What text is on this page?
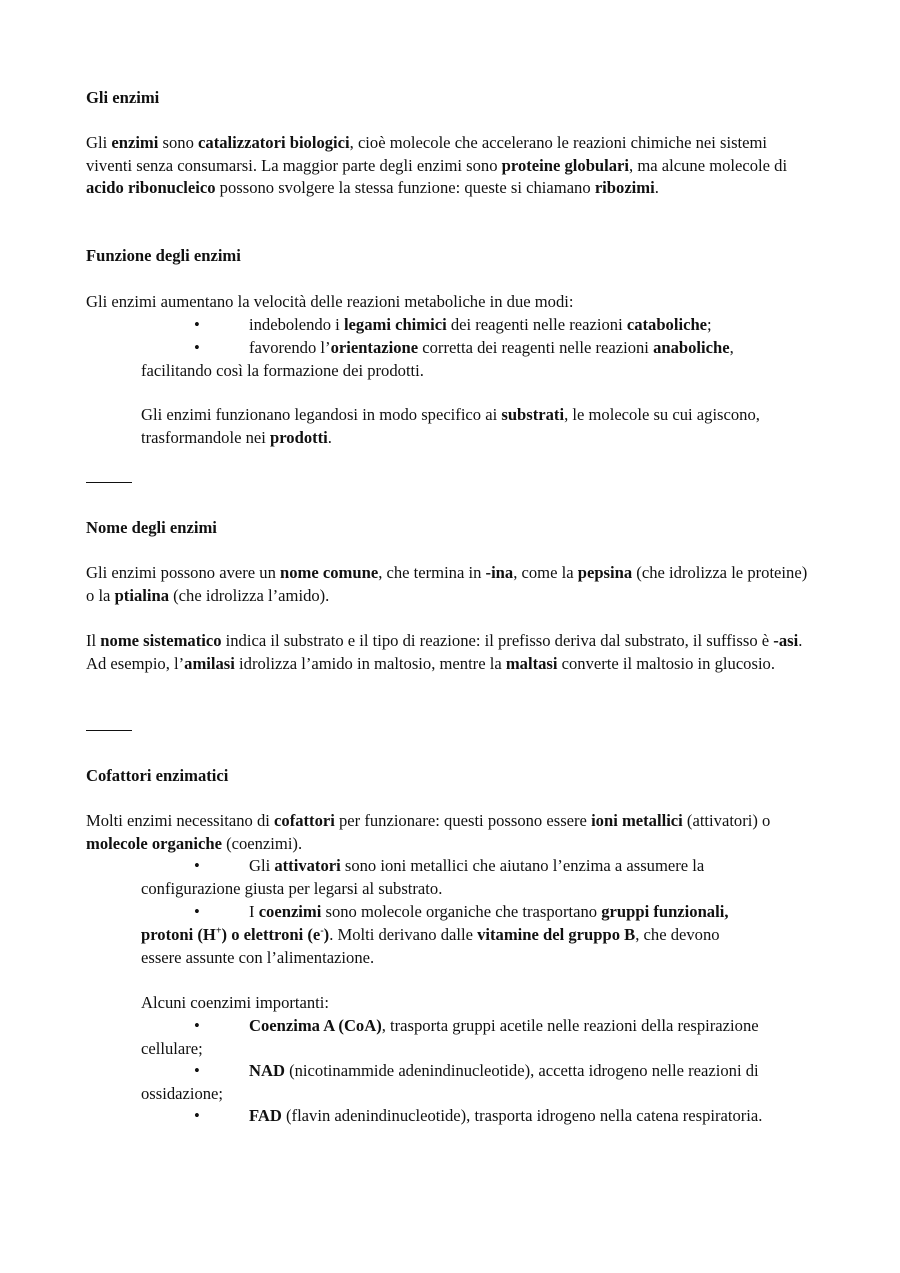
Gli enzimi

Gli enzimi sono catalizzatori biologici, cioè molecole che accelerano le reazioni chimiche nei sistemi viventi senza consumarsi. La maggior parte degli enzimi sono proteine globulari, ma alcune molecole di acido ribonucleico possono svolgere la stessa funzione: queste si chiamano ribozimi.

Funzione degli enzimi

Gli enzimi aumentano la velocità delle reazioni metaboliche in due modi:

•	indebolendo i legami chimici dei reagenti nelle reazioni cataboliche;
•	favorendo l’orientazione corretta dei reagenti nelle reazioni anaboliche,

facilitando così la formazione dei prodotti.

Gli enzimi funzionano legandosi in modo specifico ai substrati, le molecole su cui agiscono, trasformandole nei prodotti.

Nome degli enzimi

Gli enzimi possono avere un nome comune, che termina in -ina, come la pepsina (che idrolizza le proteine) o la ptialina (che idrolizza l’amido).

Il nome sistematico indica il substrato e il tipo di reazione: il prefisso deriva dal substrato, il suffisso è -asi. Ad esempio, l’amilasi idrolizza l’amido in maltosio, mentre la maltasi converte il maltosio in glucosio.

Cofattori enzimatici

Molti enzimi necessitano di cofattori per funzionare: questi possono essere ioni metallici (attivatori) o molecole organiche (coenzimi).

•	Gli attivatori sono ioni metallici che aiutano l’enzima a assumere la

configurazione giusta per legarsi al substrato.

•	I coenzimi sono molecole organiche che trasportano gruppi funzionali,

protoni (H+) o elettroni (e-). Molti derivano dalle vitamine del gruppo B, che devono

essere assunte con l’alimentazione.

Alcuni coenzimi importanti:

•	Coenzima A (CoA), trasporta gruppi acetile nelle reazioni della respirazione

cellulare;

•	NAD (nicotinammide adenindinucleotide), accetta idrogeno nelle reazioni di

ossidazione;

•	FAD (flavin adenindinucleotide), trasporta idrogeno nella catena respiratoria.
